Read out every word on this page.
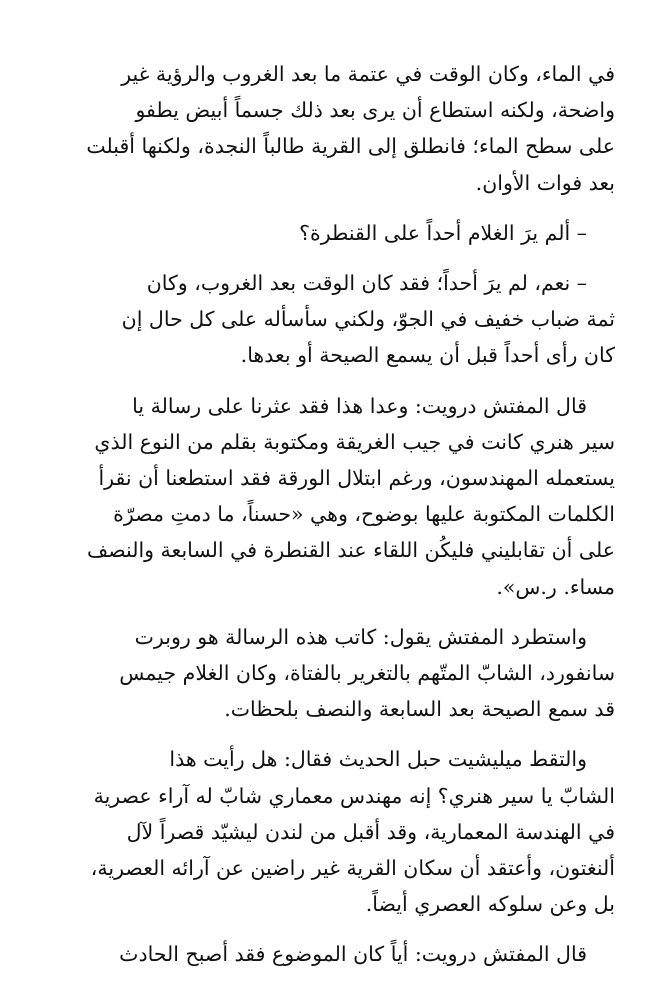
في الماء، وكان الوقت في عتمة ما بعد الغروب والرؤية غير
واضحة، ولكنه استطاع أن يرى بعد ذلك جسماً أبيض يطفو
على سطح الماء؛ فانطلق إلى القرية طالباً النجدة، ولكنها أقبلت
بعد فوات الأوان.

– ألم يرَ الغلام أحداً على القنطرة؟

– نعم، لم يرَ أحداً؛ فقد كان الوقت بعد الغروب، وكان
ثمة ضباب خفيف في الجوّ، ولكني سأسأله على كل حال إن
كان رأى أحداً قبل أن يسمع الصيحة أو بعدها.

قال المفتش درويت: وعدا هذا فقد عثرنا على رسالة يا
سير هنري كانت في جيب الغريقة ومكتوبة بقلم من النوع الذي
يستعمله المهندسون، ورغم ابتلال الورقة فقد استطعنا أن نقرأ
الكلمات المكتوبة عليها بوضوح، وهي «حسناً، ما دمتِ مصرّة
على أن تقابليني فليكُن اللقاء عند القنطرة في السابعة والنصف
مساء. ر.س».

واستطرد المفتش يقول: كاتب هذه الرسالة هو روبرت
سانفورد، الشابّ المتّهم بالتغرير بالفتاة، وكان الغلام جيمس
قد سمع الصيحة بعد السابعة والنصف بلحظات.

والتقط ميليشيت حبل الحديث فقال: هل رأيت هذا
الشابّ يا سير هنري؟ إنه مهندس معماري شابّ له آراء عصرية
في الهندسة المعمارية، وقد أقبل من لندن ليشيّد قصراً لآل
ألنغتون، وأعتقد أن سكان القرية غير راضين عن آرائه العصرية،
بل وعن سلوكه العصري أيضاً.

قال المفتش درويت: أياً كان الموضوع فقد أصبح الحادث
